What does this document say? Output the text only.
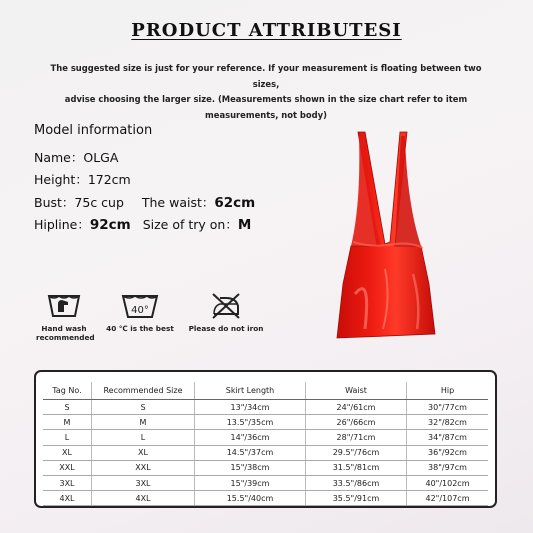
PRODUCT ATTRIBUTESI
The suggested size is just for your reference. If your measurement is floating between two sizes,
advise choosing the larger size. (Measurements shown in the size chart refer to item
measurements, not body)
Model information
Name：OLGA
Height：172cm
Bust：75c cup The waist：62cm
Hipline：92cm Size of try on：M
Hand wash
recommended
40°
40 ℃ is the best Please do not iron
Tag No.	Recommended Size	Skirt Length	Waist	Hip
S	S	13"/34cm	24"/61cm	30"/77cm
M	M	13.5"/35cm	26"/66cm	32"/82cm
L	L	14"/36cm	28"/71cm	34"/87cm
XL	XL	14.5"/37cm	29.5"/76cm	36"/92cm
XXL	XXL	15"/38cm	31.5"/81cm	38"/97cm
3XL	3XL	15"/39cm	33.5"/86cm	40"/102cm
4XL	4XL	15.5"/40cm	35.5"/91cm	42"/107cm
